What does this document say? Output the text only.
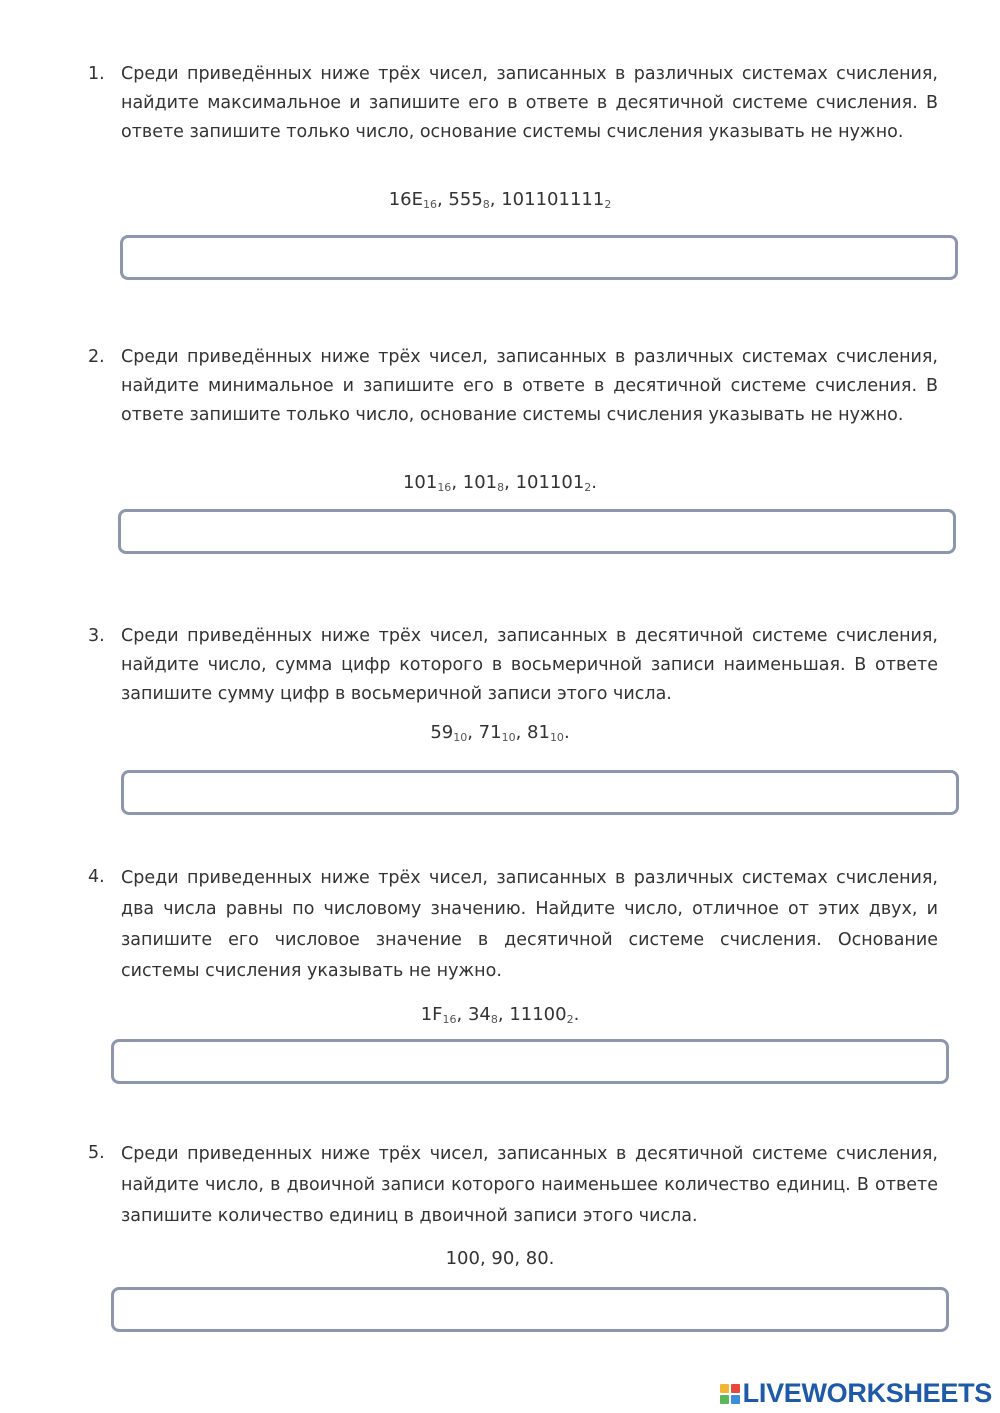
1. Среди приведённых ниже трёх чисел, записанных в различных системах счисления, найдите максимальное и запишите его в ответе в десятичной системе счисления. В ответе запишите только число, основание системы счисления указывать не нужно.
$16E_{16}$, $555_8$, $101101111_2$
2. Среди приведённых ниже трёх чисел, записанных в различных системах счисления, найдите минимальное и запишите его в ответе в десятичной системе счисления. В ответе запишите только число, основание системы счисления указывать не нужно.
$101_{16}$, $101_8$, $101101_2$.
3. Среди приведённых ниже трёх чисел, записанных в десятичной системе счисления, найдите число, сумма цифр которого в восьмеричной записи наименьшая. В ответе запишите сумму цифр в восьмеричной записи этого числа.
$59_{10}$, $71_{10}$, $81_{10}$.
4. Среди приведенных ниже трёх чисел, записанных в различных системах счисления, два числа равны по числовому значению. Найдите число, отличное от этих двух, и запишите его числовое значение в десятичной системе счисления. Основание системы счисления указывать не нужно.
$1F_{16}$, $34_8$, $11100_2$.
5. Среди приведенных ниже трёх чисел, записанных в десятичной системе счисления, найдите число, в двоичной записи которого наименьшее количество единиц. В ответе запишите количество единиц в двоичной записи этого числа.
100, 90, 80.
LIVEWORKSHEETS
